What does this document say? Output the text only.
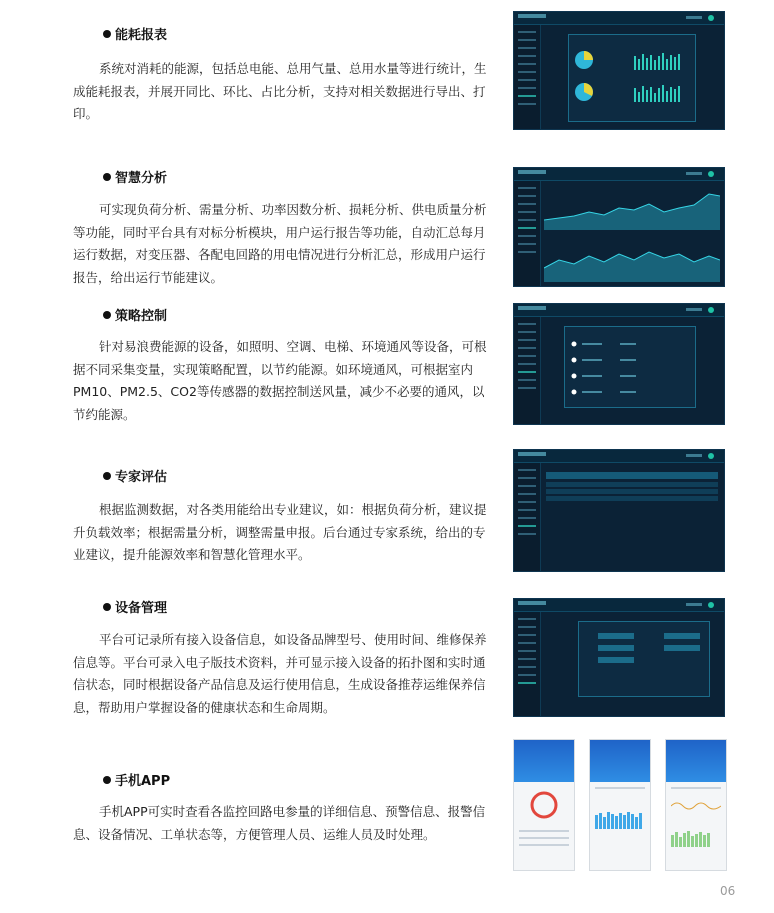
能耗报表
系统对消耗的能源，包括总电能、总用气量、总用水量等进行统计，生成能耗报表，并展开同比、环比、占比分析，支持对相关数据进行导出、打印。
智慧分析
可实现负荷分析、需量分析、功率因数分析、损耗分析、供电质量分析等功能，同时平台具有对标分析模块，用户运行报告等功能，自动汇总每月运行数据，对变压器、各配电回路的用电情况进行分析汇总，形成用户运行报告，给出运行节能建议。
策略控制
针对易浪费能源的设备，如照明、空调、电梯、环境通风等设备，可根据不同采集变量，实现策略配置，以节约能源。如环境通风，可根据室内PM10、PM2.5、CO2等传感器的数据控制送风量，减少不必要的通风，以节约能源。
专家评估
根据监测数据，对各类用能给出专业建议，如：根据负荷分析，建议提升负载效率；根据需量分析，调整需量申报。后台通过专家系统，给出的专业建议，提升能源效率和智慧化管理水平。
设备管理
平台可记录所有接入设备信息，如设备品牌型号、使用时间、维修保养信息等。平台可录入电子版技术资料，并可显示接入设备的拓扑图和实时通信状态，同时根据设备产品信息及运行使用信息，生成设备推荐运维保养信息，帮助用户掌握设备的健康状态和生命周期。
手机APP
手机APP可实时查看各监控回路电参量的详细信息、预警信息、报警信息、设备情况、工单状态等，方便管理人员、运维人员及时处理。
06
